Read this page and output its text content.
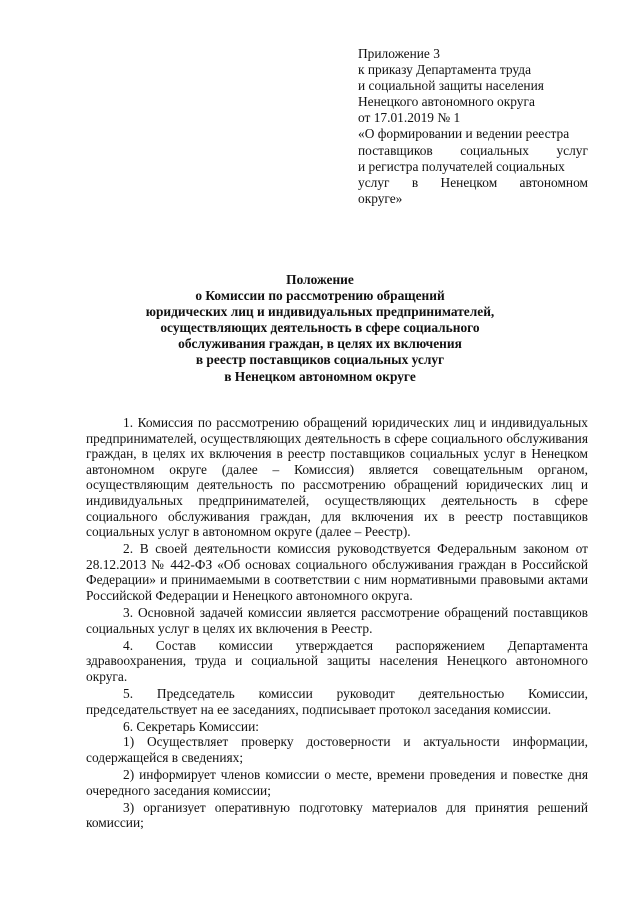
Приложение 3
к приказу Департамента труда
и социальной защиты населения
Ненецкого автономного округа
от 17.01.2019 № 1
«О формировании и ведении реестра
поставщиков социальных услуг
и регистра получателей социальных
услуг в Ненецком автономном
округе»
Положение
о Комиссии по рассмотрению обращений
юридических лиц и индивидуальных предпринимателей,
осуществляющих деятельность в сфере социального
обслуживания граждан, в целях их включения
в реестр поставщиков социальных услуг
в Ненецком автономном округе

1. Комиссия по рассмотрению обращений юридических лиц и индивидуальных предпринимателей, осуществляющих деятельность в сфере социального обслуживания граждан, в целях их включения в реестр поставщиков социальных услуг в Ненецком автономном округе (далее – Комиссия) является совещательным органом, осуществляющим деятельность по рассмотрению обращений юридических лиц и индивидуальных предпринимателей, осуществляющих деятельность в сфере социального обслуживания граждан, для включения их в реестр поставщиков социальных услуг в автономном округе (далее – Реестр).

2. В своей деятельности комиссия руководствуется Федеральным законом от 28.12.2013 № 442-ФЗ «Об основах социального обслуживания граждан в Российской Федерации» и принимаемыми в соответствии с ним нормативными правовыми актами Российской Федерации и Ненецкого автономного округа.

3. Основной задачей комиссии является рассмотрение обращений поставщиков социальных услуг в целях их включения в Реестр.

4. Состав комиссии утверждается распоряжением Департамента здравоохранения, труда и социальной защиты населения Ненецкого автономного округа.

5. Председатель комиссии руководит деятельностью Комиссии, председательствует на ее заседаниях, подписывает протокол заседания комиссии.

6. Секретарь Комиссии:

1) Осуществляет проверку достоверности и актуальности информации, содержащейся в сведениях;

2) информирует членов комиссии о месте, времени проведения и повестке дня очередного заседания комиссии;

3) организует оперативную подготовку материалов для принятия решений комиссии;
